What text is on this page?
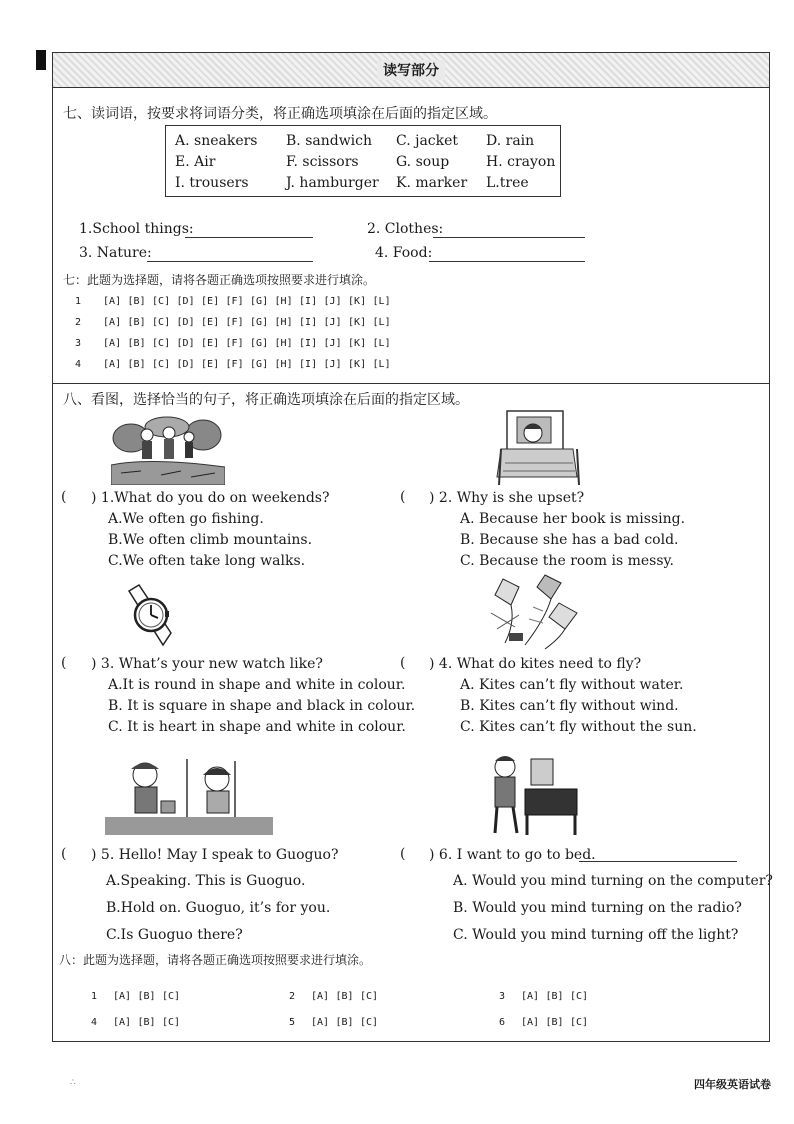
读写部分
七、读词语，按要求将词语分类，将正确选项填涂在后面的指定区域。
A. sneakers B. sandwich C. jacket D. rain
E. Air	F. scissors	G. soup	H. crayon
I. trousers	J. hamburger K. marker L.tree
1.School things:	2. Clothes:
3. Nature:	4. Food:
七：此题为选择题，请将各题正确选项按照要求进行填涂。
1 [A] [B] [C] [D] [E] [F] [G] [H] [I] [J] [K] [L]
2 [A] [B] [C] [D] [E] [F] [G] [H] [I] [J] [K] [L]
3 [A] [B] [C] [D] [E] [F] [G] [H] [I] [J] [K] [L]
4 [A] [B] [C] [D] [E] [F] [G] [H] [I] [J] [K] [L]
八、看图，选择恰当的句子，将正确选项填涂在后面的指定区域。
( ) 1.What do you do on weekends?
A.We often go fishing.
B.We often climb mountains.
C.We often take long walks.
( ) 2. Why is she upset?
A. Because her book is missing.
B. Because she has a bad cold.
C. Because the room is messy.
( ) 3. What’s your new watch like?
A.It is round in shape and white in colour.
B. It is square in shape and black in colour.
C. It is heart in shape and white in colour.
( ) 4. What do kites need to fly?
A. Kites can’t fly without water.
B. Kites can’t fly without wind.
C. Kites can’t fly without the sun.
( ) 5. Hello! May I speak to Guoguo?
A.Speaking. This is Guoguo.
B.Hold on. Guoguo, it’s for you.
C.Is Guoguo there?
( ) 6. I want to go to bed.
A. Would you mind turning on the computer?
B. Would you mind turning on the radio?
C. Would you mind turning off the light?
八：此题为选择题，请将各题正确选项按照要求进行填涂。
1 [A] [B] [C]	2 [A] [B] [C]	3 [A] [B] [C]
4 [A] [B] [C]	5 [A] [B] [C]	6 [A] [B] [C]
∴	四年级英语试卷
